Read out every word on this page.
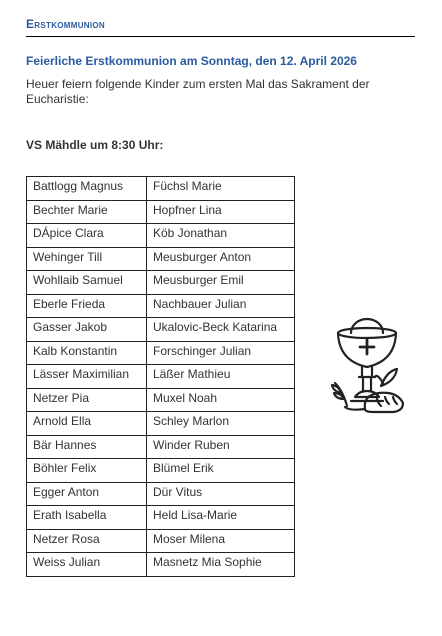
Erstkommunion
Feierliche Erstkommunion am Sonntag, den 12. April 2026
Heuer feiern folgende Kinder zum ersten Mal das Sakrament der Eucharistie:
VS Mähdle um 8:30 Uhr:
Battlogg Magnus	Füchsl Marie
Bechter Marie	Hopfner Lina
DÁpice Clara	Köb Jonathan
Wehinger Till	Meusburger Anton
Wohllaib Samuel	Meusburger Emil
Eberle Frieda	Nachbauer Julian
Gasser Jakob	Ukalovic-Beck Katarina
Kalb Konstantin	Forschinger Julian
Lässer Maximilian	Läßer Mathieu
Netzer Pia	Muxel Noah
Arnold Ella	Schley Marlon
Bär Hannes	Winder Ruben
Böhler Felix	Blümel Erik
Egger Anton	Dür Vitus
Erath Isabella	Held Lisa-Marie
Netzer Rosa	Moser Milena
Weiss Julian	Masnetz Mia Sophie
